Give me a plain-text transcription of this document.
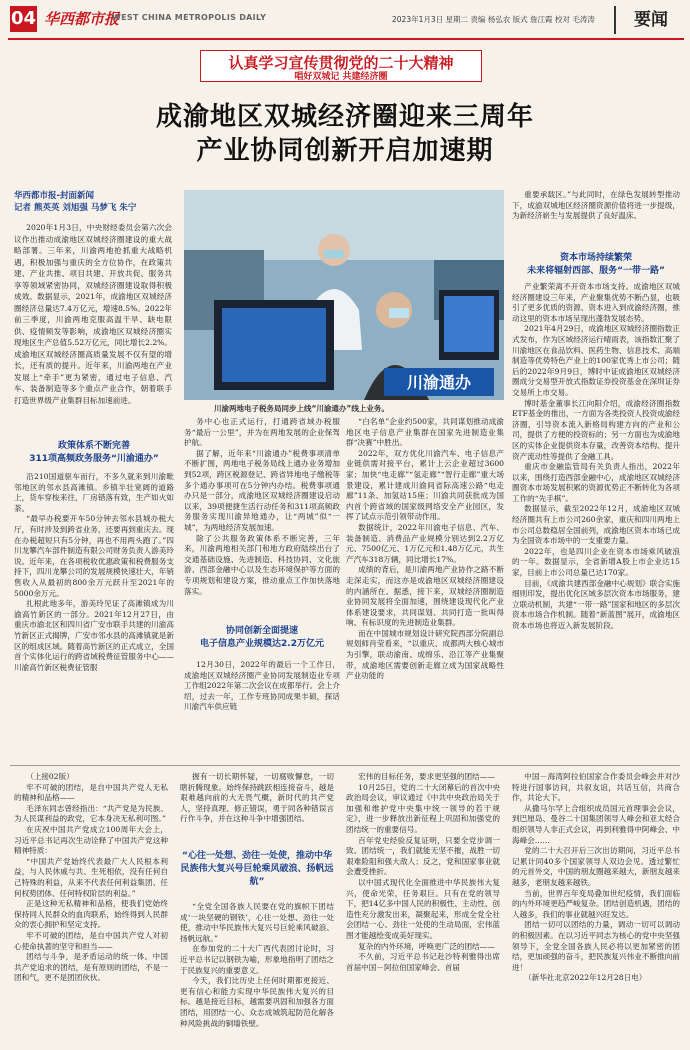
04 华西都市报
WEST CHINA METROPOLIS DAILY	2023年1月3日 星期二 责编 杨弘农 版式 詹江霞 校对 毛涛涛	要闻
认真学习宣传贯彻党的二十大精神
唱好双城记 共建经济圈
成渝地区双城经济圈迎来三周年
产业协同创新开启加速期
华西都市报-封面新闻
记者 熊英英 刘旭强 马梦飞 朱宁

2020年1月3日，中央财经委员会第六次会议作出推动成渝地区双城经济圈建设的重大战略部署。三年来，川渝两地抢抓重大战略机遇，积极加强与重庆的全方位协作，在政策共建、产业共推、项目共建、开放共促、服务共享等领域紧密协同，双城经济圈建设取得积极成效。数据显示，2021年，成渝地区双城经济圈经济总量达7.4万亿元，增速8.5%。2022年前三季度，川渝两地克服高温干旱、缺电限供、疫情频发等影响，成渝地区双城经济圈实现地区生产总值5.52万亿元，同比增长2.2%。成渝地区双城经济圈高质量发展不仅有望的增长，还有质的提升。近年来，川渝两地在产业发展上“牵手”更为紧密，通过电子信息、汽车、装备制造等多个重点产业合作，朝着联手打造世界级产业集群目标加速前进。

政策体系不断完善
311项高频政务服务“川渝通办”

沿210国道驱车而行，不多久就来到川渝毗邻地区的邻水县高滩镇。乡镇半壮宽阔的道路上，货车穿梭来往，厂房错落有致，生产如火如荼。

“最早办税要开车50分钟去邻水县城办税大厅，有时涉及到跨省业务，还要再到重庆去。现在办税超短只有5分钟，再也不用两头跑了。”四川龙攀汽车部件制造有限公司财务负责人游美玲说。近年来，在各项税收优惠政策和税费服务支持下，四川龙攀公司的发展规模快速壮大，年销售收入从最初的800余万元跃升至2021年的5000余万元。

扎根此地多年，游美玲见证了高滩镇成为川渝高竹新区的一部分。2021年12月27日，由重庆市渝北区和四川省广安市联手共建的川渝高竹新区正式揭牌，广安市邻水县的高滩镇就是新区的组成区域。随着高竹新区的正式成立，全国首个实体化运行的跨省域税费征管服务中心——川渝高竹新区税费征管服

川渝通办
川渝两地电子税务局同步上线“川渝通办”线上业务。

务中心也正式运行，打通跨省域办税服务“最后一公里”，并为在两地发展的企业保驾护航。

据了解，近年来“川渝通办”税费事项清单不断扩围，两地电子税务局线上通办业务增加到52项，跨区税源登记、跨省异地电子缴税等多个通办事项可在5分钟内办结。税费事项通办只是一部分，成渝地区双城经济圈建设启动以来，39项便捷生活行动任务和311项高频政务服务实现川渝异地通办，让“两城”似“一城”，为两地经济发展加速。

除了公共服务政策体系不断完善，三年来，川渝两地相关部门和地方政府陆续出台了交通基础设施、先进制造、科技协同、文化旅游、西部金融中心以及生态环境保护等方面的专项规划和建设方案，推动重点工作加快落地落实。

协同创新全面提速
电子信息产业规模达2.2万亿元

12月30日，2022年的最后一个工作日，成渝地区双城经济圈产业协同发展制造业专项工作组2022年第二次会议在成都举行。会上介绍，过去一年，工作专班协同成果丰硕，探话川渝汽车供应链

“白名单”企业约500家，共同谋划推动成渝地区电子信息产业集群在国家先进制造业集群“决赛”中胜出。

2022年，双方优化川渝汽车、电子信息产业链供需对接平台，累计上云企业超过3600家；加快“电走廊”“氢走廊”“智行走廊”重大场景建设，累计建成川渝间省际高速公路“电走廊”11条、加氢站15座；川渝共同获批成为国内首个跨省域的国家级网络安全产业园区，发挥了试点示范引领带动作用。

数据统计，2022年川渝电子信息、汽车、装备制造、消费品产业规模分别达到2.2万亿元、7500亿元、1万亿元和1.48万亿元，共生产汽车318万辆，同比增长17%。

成绩的背后，是川渝两地产业协作之路不断走深走实，而这亦是成渝地区双城经济圈建设的内涵所在。据悉，接下来，双城经济圈制造业协同发展将全面加速，围绕建设现代化产业体系建设要求，共同谋划、共同打造一批叫得响、有标识度的先进制造业集群。

而在中国城市规划设计研究院西部分院副总规划师肖莹看来，“以重庆、成都两大核心城市为引擎，联动渝南、成绵乐、沿江等产业集聚带，成渝地区需要创新走廊立成为国家战略性产业功能的

重要承载区。”与此同时，在绿色发展转型推动下，成渝双城地区经济圈资源价值将进一步提级，为新经济崭生与发展提供了良好温床。

资本市场持续繁荣
未来将辐射西部、服务“一带一路”

产业繁荣离不开资本市场支持。成渝地区双城经济圈建设三年来，产业聚集优势不断凸显，也吸引了更多优质的资源、资本进入到成渝经济圈，推动这里的资本市场呈现出蓬勃发展态势。

2021年4月29日，成渝地区双城经济圈指数正式发布，作为区域经济运行晴雨表，该指数汇聚了川渝地区在食品饮料、医药生物、信息技术、高端制造等优势特色产业上的100家优秀上市公司；随后的2022年9月9日，博时中证成渝地区双城经济圈成分交易型开放式指数证券投资基金在深圳证券交易所上市交易。

博时基金董事长江向阳介绍，成渝经济圈指数ETF基金的推出，一方面为各类投资人投资成渝经济圈，引导资本流入新格局构建方向的产业和公司，提供了方便的投资标的；另一方面也为成渝地区的实体企业提供资本存量，改善资本结构、提升资产流动性等提供了金融工具。

重庆市金融监管局有关负责人指出，2022年以来，围绕打造西部金融中心，成渝地区双城经济圈资本市场发展积累的资源优势正不断转化为各项工作的“先手棋”。

数据显示，截至2022年12月，成渝地区双城经济圈共有上市公司260余家，重庆和四川两地上市公司总数稳居全国前列，成渝地区资本市场已成为全国资本市场中的一支重要力量。

2022年，也是四川企业在资本市场乘风破浪的一年。数据显示，全省新增A股上市企业达15家，目前上市公司总量已达170家。

目前，《成渝共建西部金融中心规划》联合实施细则印发，提出优化区域多层次资本市场服务，建立联动机制，共建“一带一路”国家和地区的多层次资本市场合作机制。随着“新蓝图”展开，成渝地区资本市场也将迈入新发展阶段。

（上接02版）

牢不可破的团结，是自中国共产党人无私的精神和品格——

毛泽东同志曾经指出：“共产党是为民族、为人民谋利益的政党，它本身决无私利可图。”

在庆祝中国共产党成立100周年大会上，习近平总书记再次生动诠释了中国共产党这种精神特质：

“中国共产党始终代表最广大人民根本利益，与人民休戚与共、生死相依，没有任何自己特殊的利益，从来不代表任何利益集团、任何权势团体、任何特权阶层的利益。”

正是这种无私精神和品格，使我们党始终保持同人民群众的血肉联系，始终得到人民群众的衷心拥护和坚定支持。

牢不可破的团结，是自中国共产党人对初心使命执著的坚守和担当——

团结与斗争，是矛盾运动的统一体。中国共产党追求的团结，是有原则的团结，不是一团和气，更不是团团伙伙。

握有一切长期怀疑，一切腐败懈怠，一切瞎折腾现象。始终保持跳跃相连接奋斗，越是艰难越向前的大无畏气概，新时代的共产党人，坚持真理、修正错误，勇于同各种错误言行作斗争，并在这种斗争中增强团结。

“心往一处想、劲往一处使，推动中华民族伟大复兴号巨轮乘风破浪、扬帆远航”

“全党全国各族人民要在党的旗帜下团结成‘一块坚硬的钢铁’，心往一处想、劲往一处使，推动中华民族伟大复兴号巨轮乘风破浪、扬帆远航。”

在参加党的二十大广西代表团讨论时，习近平总书记以钢铁为喻，形象地指明了团结之于民族复兴的重要意义。

今天，我们比历史上任何时期都更接近、更有信心和能力实现中华民族伟大复兴的目标。越是接近目标，越需要巩固和加强各方面团结，用团结一心、众志成城筑起防范化解各种风险挑战的铜墙铁壁。

宏伟的目标任务，要求更坚强的团结——

10月25日，党的二十大闭幕后的首次中央政治局会议，审议通过《中共中央政治局关于加强和维护党中央集中统一领导的若干规定》，进一步释放出新征程上巩固和加强党的团结统一的重要信号。

百年党史经验反复证明，只要全党步调一致、团结统一，我们就能无坚不摧，战胜一切艰难险阻和强大敌人；反之，党和国家事业就会遭受挫折。

以中国式现代化全面推进中华民族伟大复兴，使命光荣，任务艰巨。只有在党的领导下，把14亿多中国人民的积极性、主动性、创造性充分激发出来，凝聚起来，形成全党全社会团结一心、劲往一处使的生动局面，宏伟蓝图才能越绘变成美好现实。

复杂的内外环境，呼唤更广泛的团结——

不久前，习近平总书记赴沙特利雅得出席首届中国－阿拉伯国家峰会、首届

中国－海湾阿拉伯国家合作委员会峰会并对沙特进行国事访问，共叙友谊，共话互信，共商合作，共论大下。

从撒马尔罕上合组织成员国元首理事会会议，到巴厘岛、曼谷二十国集团领导人峰会和亚太经合组织领导人非正式会议，再到利雅得中阿峰会、中海峰会……

党的二十大召开后三次出访期间，习近平总书记累计同40多个国家领导人双边会见。透过繁忙的元首外交，中国的朋友圈越来越大，新朋友越来越多，老朋友越来越铁。

当前，世界百年变局叠加世纪疫情，我们面临的内外环境更趋严峻复杂。团结创造机遇，团结的人越多，我们的事业就越兴旺发达。

团结一切可以团结的力量，调动一切可以调动的积极因素。在以习近平同志为核心的党中央坚强领导下，全党全国各族人民必将以更加紧密的团结，更加顽强的奋斗，把民族复兴伟业不断推向前进！

（新华社北京2022年12月28日电）
